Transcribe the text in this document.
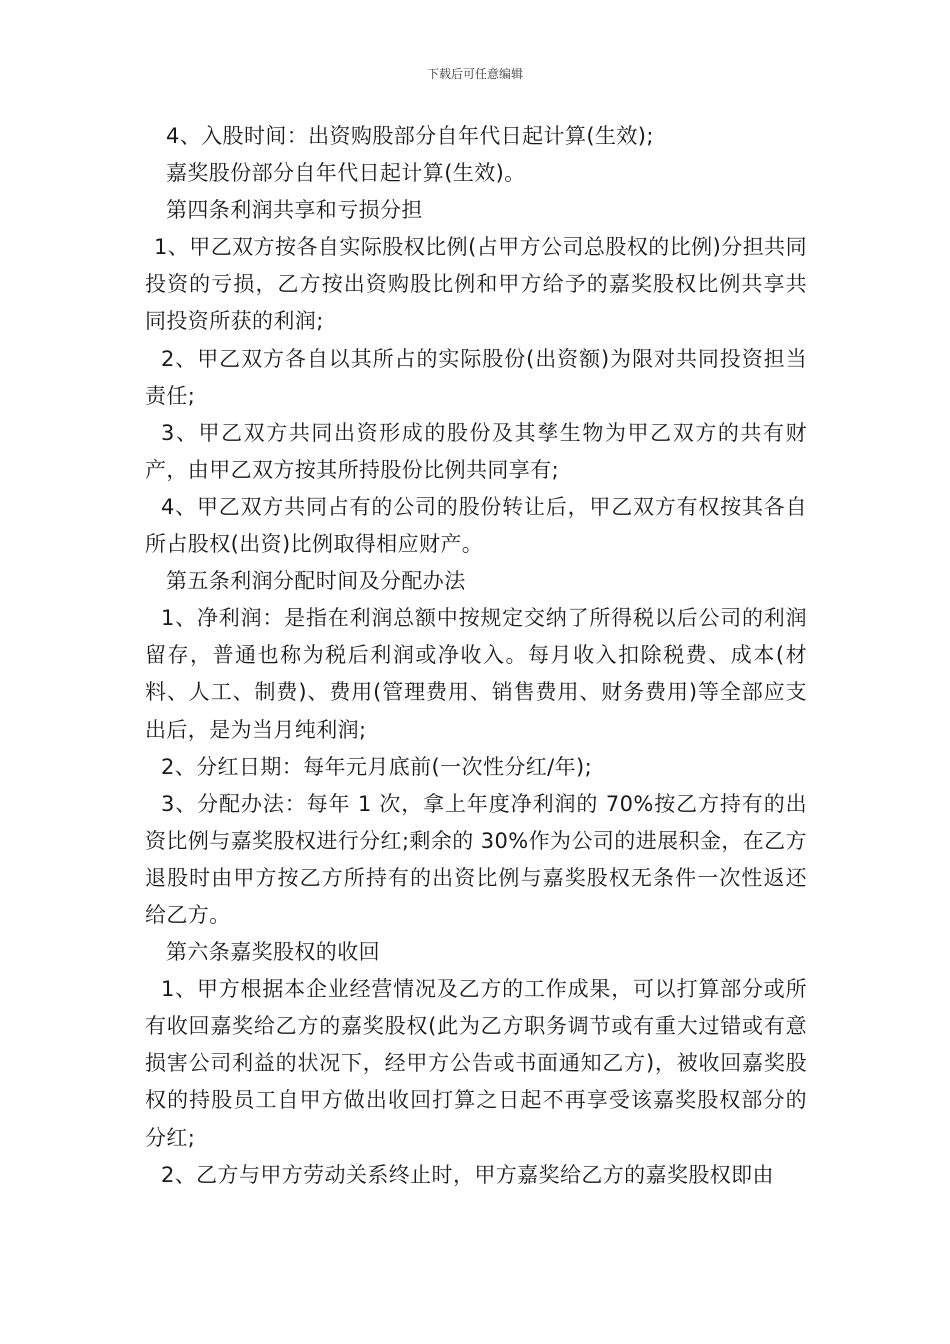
下载后可任意编辑

4、入股时间：出资购股部分自年代日起计算(生效);

嘉奖股份部分自年代日起计算(生效)。

第四条利润共享和亏损分担

1、甲乙双方按各自实际股权比例(占甲方公司总股权的比例)分担共同投资的亏损，乙方按出资购股比例和甲方给予的嘉奖股权比例共享共同投资所获的利润;

2、甲乙双方各自以其所占的实际股份(出资额)为限对共同投资担当责任;

3、甲乙双方共同出资形成的股份及其孳生物为甲乙双方的共有财产，由甲乙双方按其所持股份比例共同享有;

4、甲乙双方共同占有的公司的股份转让后，甲乙双方有权按其各自所占股权(出资)比例取得相应财产。

第五条利润分配时间及分配办法

1、净利润：是指在利润总额中按规定交纳了所得税以后公司的利润留存，普通也称为税后利润或净收入。每月收入扣除税费、成本(材料、人工、制费)、费用(管理费用、销售费用、财务费用)等全部应支出后，是为当月纯利润;

2、分红日期：每年元月底前(一次性分红/年);

3、分配办法：每年 1 次，拿上年度净利润的 70%按乙方持有的出资比例与嘉奖股权进行分红;剩余的 30%作为公司的进展积金，在乙方退股时由甲方按乙方所持有的出资比例与嘉奖股权无条件一次性返还给乙方。

第六条嘉奖股权的收回

1、甲方根据本企业经营情况及乙方的工作成果，可以打算部分或所有收回嘉奖给乙方的嘉奖股权(此为乙方职务调节或有重大过错或有意损害公司利益的状况下，经甲方公告或书面通知乙方)，被收回嘉奖股权的持股员工自甲方做出收回打算之日起不再享受该嘉奖股权部分的分红;

2、乙方与甲方劳动关系终止时，甲方嘉奖给乙方的嘉奖股权即由
